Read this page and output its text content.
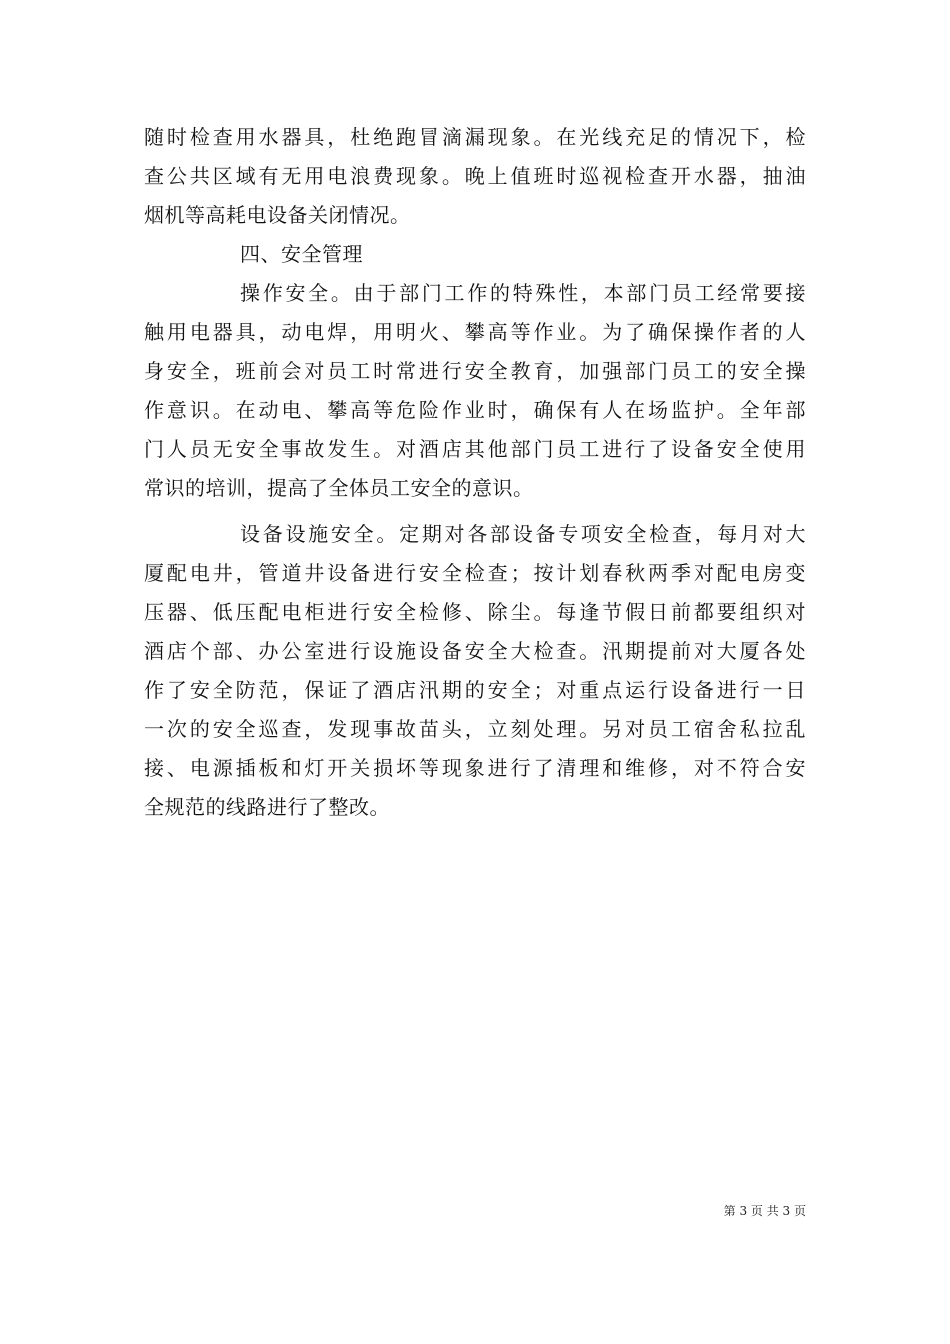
随时检查用水器具，杜绝跑冒滴漏现象。在光线充足的情况下，检
查公共区域有无用电浪费现象。晚上值班时巡视检查开水器，抽油
烟机等高耗电设备关闭情况。
四、安全管理
操作安全。由于部门工作的特殊性，本部门员工经常要接
触用电器具，动电焊，用明火、攀高等作业。为了确保操作者的人
身安全，班前会对员工时常进行安全教育，加强部门员工的安全操
作意识。在动电、攀高等危险作业时，确保有人在场监护。全年部
门人员无安全事故发生。对酒店其他部门员工进行了设备安全使用
常识的培训，提高了全体员工安全的意识。
设备设施安全。定期对各部设备专项安全检查，每月对大
厦配电井，管道井设备进行安全检查；按计划春秋两季对配电房变
压器、低压配电柜进行安全检修、除尘。每逢节假日前都要组织对
酒店个部、办公室进行设施设备安全大检查。汛期提前对大厦各处
作了安全防范，保证了酒店汛期的安全；对重点运行设备进行一日
一次的安全巡查，发现事故苗头，立刻处理。另对员工宿舍私拉乱
接、电源插板和灯开关损坏等现象进行了清理和维修，对不符合安
全规范的线路进行了整改。
第 3 页 共 3 页
